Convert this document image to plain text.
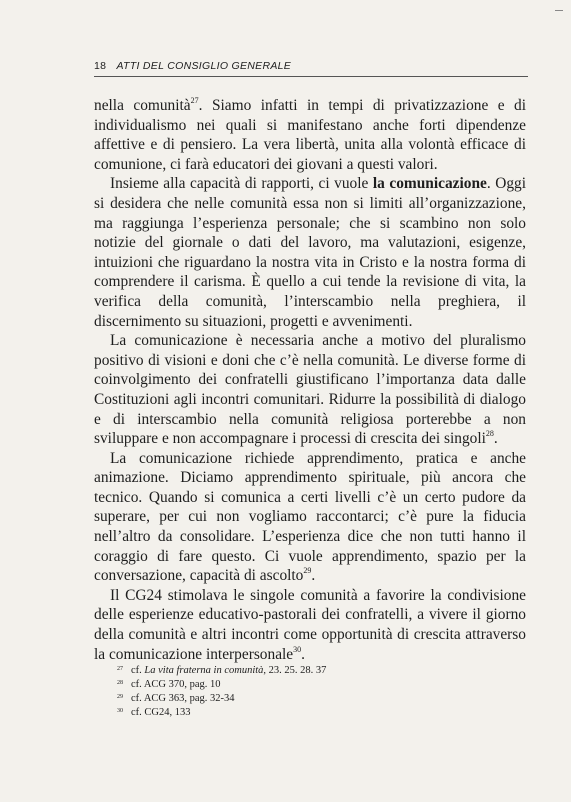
18 ATTI DEL CONSIGLIO GENERALE

nella comunità$^{27}$. Siamo infatti in tempi di privatizzazione e di individualismo nei quali si manifestano anche forti dipendenze affettive e di pensiero. La vera libertà, unita alla volontà efficace di comunione, ci farà educatori dei giovani a questi valori.

Insieme alla capacità di rapporti, ci vuole la comunicazione. Oggi si desidera che nelle comunità essa non si limiti all’organizzazione, ma raggiunga l’esperienza personale; che si scambino non solo notizie del giornale o dati del lavoro, ma valutazioni, esigenze, intuizioni che riguardano la nostra vita in Cristo e la nostra forma di comprendere il carisma. È quello a cui tende la revisione di vita, la verifica della comunità, l’interscambio nella preghiera, il discernimento su situazioni, progetti e avvenimenti.

La comunicazione è necessaria anche a motivo del pluralismo positivo di visioni e doni che c’è nella comunità. Le diverse forme di coinvolgimento dei confratelli giustificano l’importanza data dalle Costituzioni agli incontri comunitari. Ridurre la possibilità di dialogo e di interscambio nella comunità religiosa porterebbe a non sviluppare e non accompagnare i processi di crescita dei singoli$^{28}$.

La comunicazione richiede apprendimento, pratica e anche animazione. Diciamo apprendimento spirituale, più ancora che tecnico. Quando si comunica a certi livelli c’è un certo pudore da superare, per cui non vogliamo raccontarci; c’è pure la fiducia nell’altro da consolidare. L’esperienza dice che non tutti hanno il coraggio di fare questo. Ci vuole apprendimento, spazio per la conversazione, capacità di ascolto$^{29}$.

Il CG24 stimolava le singole comunità a favorire la condivisione delle esperienze educativo-pastorali dei confratelli, a vivere il giorno della comunità e altri incontri come opportunità di crescita attraverso la comunicazione interpersonale$^{30}$.

27 cf. La vita fraterna in comunità, 23. 25. 28. 37
28 cf. ACG 370, pag. 10
29 cf. ACG 363, pag. 32-34
30 cf. CG24, 133
